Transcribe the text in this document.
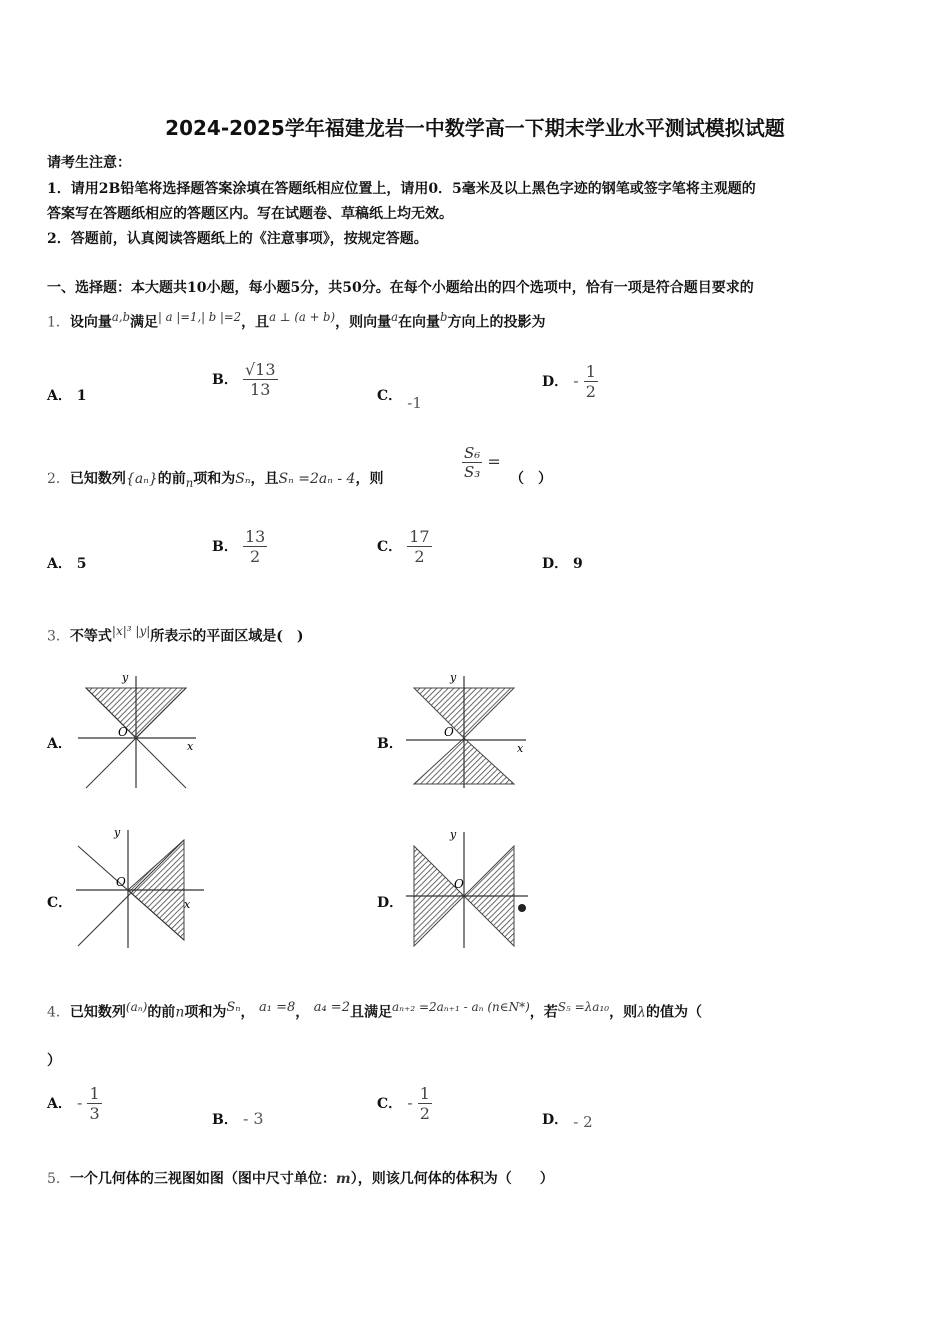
2024-2025学年福建龙岩一中数学高一下期末学业水平测试模拟试题
请考生注意：
1．请用2B铅笔将选择题答案涂填在答题纸相应位置上，请用0．5毫米及以上黑色字迹的钢笔或签字笔将主观题的
答案写在答题纸相应的答题区内。写在试题卷、草稿纸上均无效。
2．答题前，认真阅读答题纸上的《注意事项》，按规定答题。
一、选择题：本大题共10小题，每小题5分，共50分。在每个小题给出的四个选项中，恰有一项是符合题目要求的
1．设向量$^{a,b}$满足$^{| a |=1,| b |=2}$，且$^{a \perp (a + b)}$，则向量$^a$在向量$^b$方向上的投影为
A． 1
B． $\frac{√13}{13}$	C． -1
D． - $\frac{1}{2}$
2．已知数列{aₙ}的前$_n$项和为Sₙ，且Sₙ =2aₙ - 4，则	$\frac{\text{S₆}}{\text{S₃}}$ =
（　）
A． 5
B． $\frac{13}{2}$	C． $\frac{17}{2}$	D． 9
3．不等式$^{|x|^3 |y|}$所表示的平面区域是(　)
A．
y
x
O
B．
y
x
O
C．
y
x
O
D．
y
O
4．已知数列$^{(a_n)}$的前n项和为$^{S_n}$， $^{a_1 =8}$， $^{a_4 =2}$且满足$^{a_{n+2} =2a_{n+1} - a_n (n\in N*)}$，若$^{S_5 =\lambda a_{10}}$，则λ的值为（
）
A． - $\frac{1}{3}$	B． - 3
C． - $\frac{1}{2}$	D． - 2
5．一个几何体的三视图如图（图中尺寸单位：m），则该几何体的体积为（　　）
